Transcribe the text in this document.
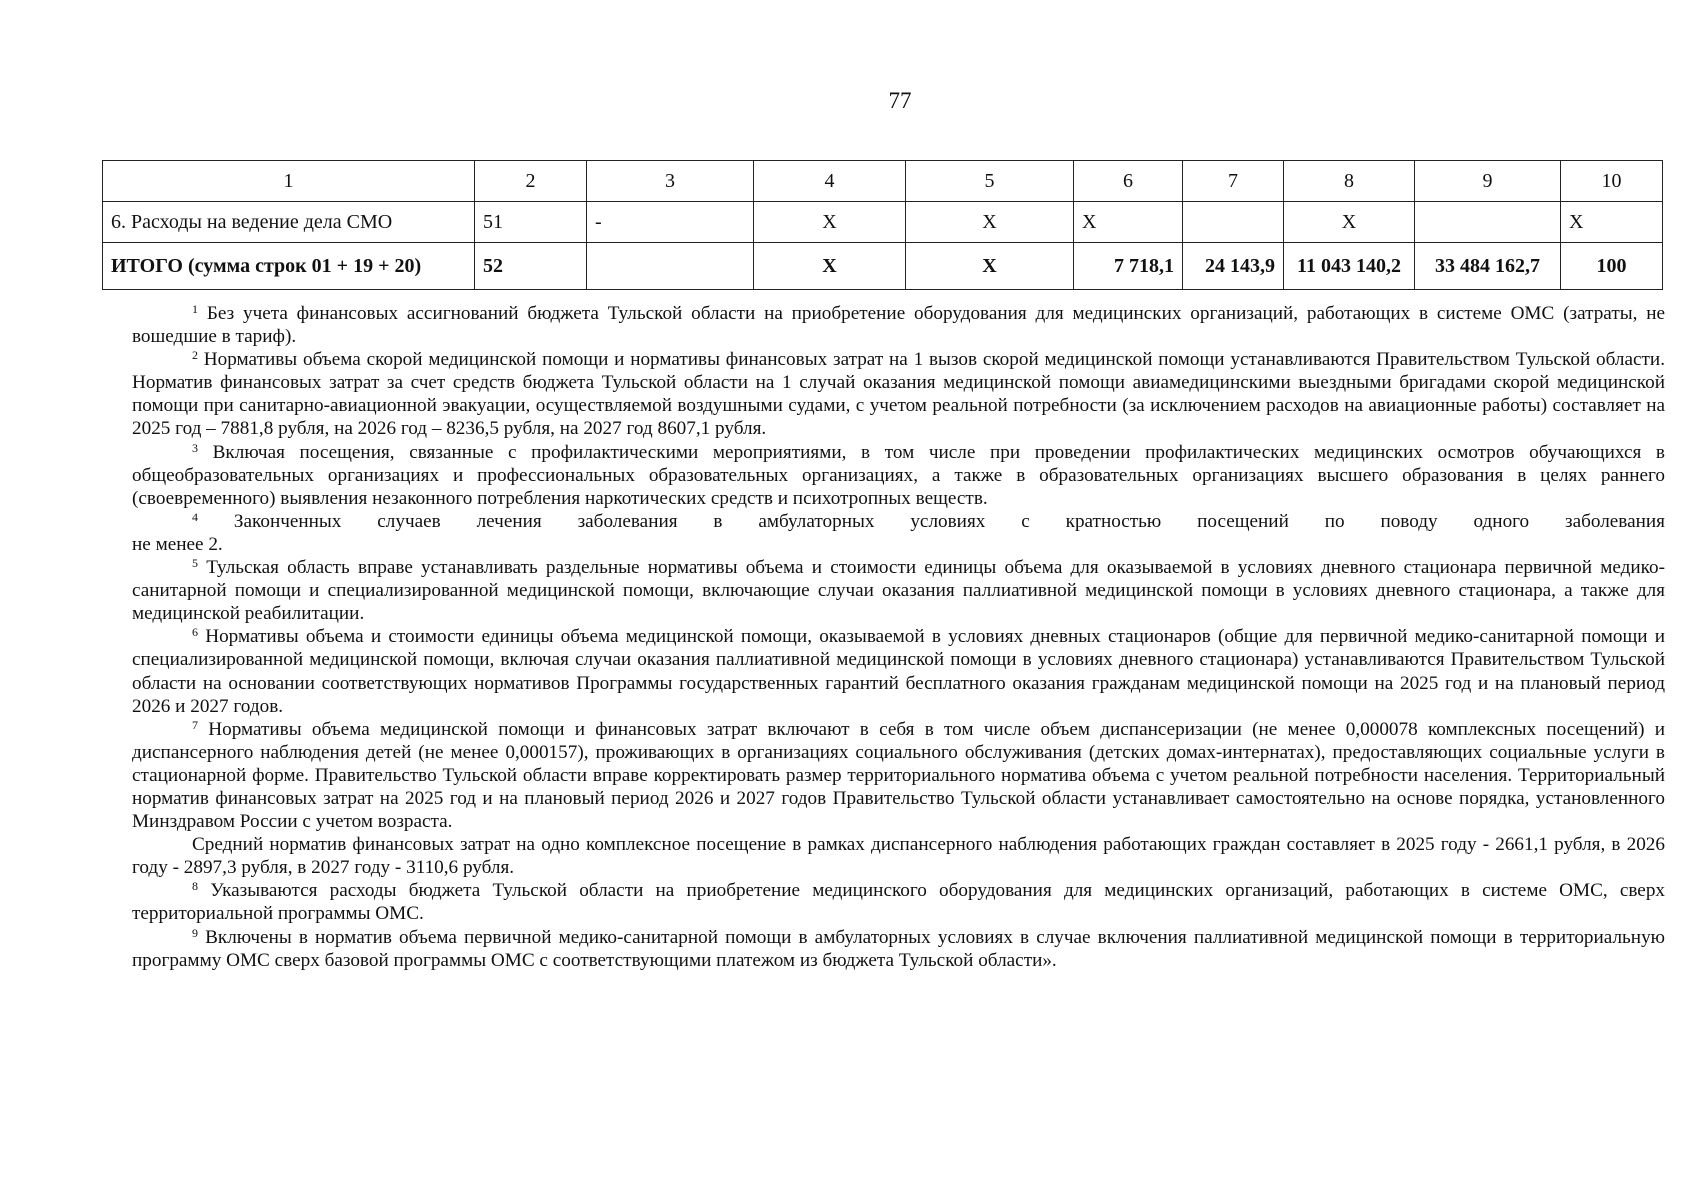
77
1	2	3	4	5	6	7	8	9	10
6. Расходы на ведение дела СМО	51	-	X	X	X		X		X
ИТОГО (сумма строк 01 + 19 + 20)	52		X	X	7 718,1	24 143,9	11 043 140,2	33 484 162,7	100

$^1$ Без учета финансовых ассигнований бюджета Тульской области на приобретение оборудования для медицинских организаций, работающих в системе ОМС (затраты, не вошедшие в тариф).

$^2$ Нормативы объема скорой медицинской помощи и нормативы финансовых затрат на 1 вызов скорой медицинской помощи устанавливаются Правительством Тульской области. Норматив финансовых затрат за счет средств бюджета Тульской области на 1 случай оказания медицинской помощи авиамедицинскими выездными бригадами скорой медицинской помощи при санитарно-авиационной эвакуации, осуществляемой воздушными судами, с учетом реальной потребности (за исключением расходов на авиационные работы) составляет на 2025 год – 7881,8 рубля, на 2026 год – 8236,5 рубля, на 2027 год 8607,1 рубля.

$^3$ Включая посещения, связанные с профилактическими мероприятиями, в том числе при проведении профилактических медицинских осмотров обучающихся в общеобразовательных организациях и профессиональных образовательных организациях, а также в образовательных организациях высшего образования в целях раннего (своевременного) выявления незаконного потребления наркотических средств и психотропных веществ.

$^4$ Законченных случаев лечения заболевания в амбулаторных условиях с кратностью посещений по поводу одного заболевания

не менее 2.

$^5$ Тульская область вправе устанавливать раздельные нормативы объема и стоимости единицы объема для оказываемой в условиях дневного стационара первичной медико-санитарной помощи и специализированной медицинской помощи, включающие случаи оказания паллиативной медицинской помощи в условиях дневного стационара, а также для медицинской реабилитации.

$^6$ Нормативы объема и стоимости единицы объема медицинской помощи, оказываемой в условиях дневных стационаров (общие для первичной медико-санитарной помощи и специализированной медицинской помощи, включая случаи оказания паллиативной медицинской помощи в условиях дневного стационара) устанавливаются Правительством Тульской области на основании соответствующих нормативов Программы государственных гарантий бесплатного оказания гражданам медицинской помощи на 2025 год и на плановый период 2026 и 2027 годов.

$^7$ Нормативы объема медицинской помощи и финансовых затрат включают в себя в том числе объем диспансеризации (не менее 0,000078 комплексных посещений) и диспансерного наблюдения детей (не менее 0,000157), проживающих в организациях социального обслуживания (детских домах-интернатах), предоставляющих социальные услуги в стационарной форме. Правительство Тульской области вправе корректировать размер территориального норматива объема с учетом реальной потребности населения. Территориальный норматив финансовых затрат на 2025 год и на плановый период 2026 и 2027 годов Правительство Тульской области устанавливает самостоятельно на основе порядка, установленного Минздравом России с учетом возраста.

Средний норматив финансовых затрат на одно комплексное посещение в рамках диспансерного наблюдения работающих граждан составляет в 2025 году - 2661,1 рубля, в 2026 году - 2897,3 рубля, в 2027 году - 3110,6 рубля.

$^8$ Указываются расходы бюджета Тульской области на приобретение медицинского оборудования для медицинских организаций, работающих в системе ОМС, сверх территориальной программы ОМС.

$^9$ Включены в норматив объема первичной медико-санитарной помощи в амбулаторных условиях в случае включения паллиативной медицинской помощи в территориальную программу ОМС сверх базовой программы ОМС с соответствующими платежом из бюджета Тульской области».
